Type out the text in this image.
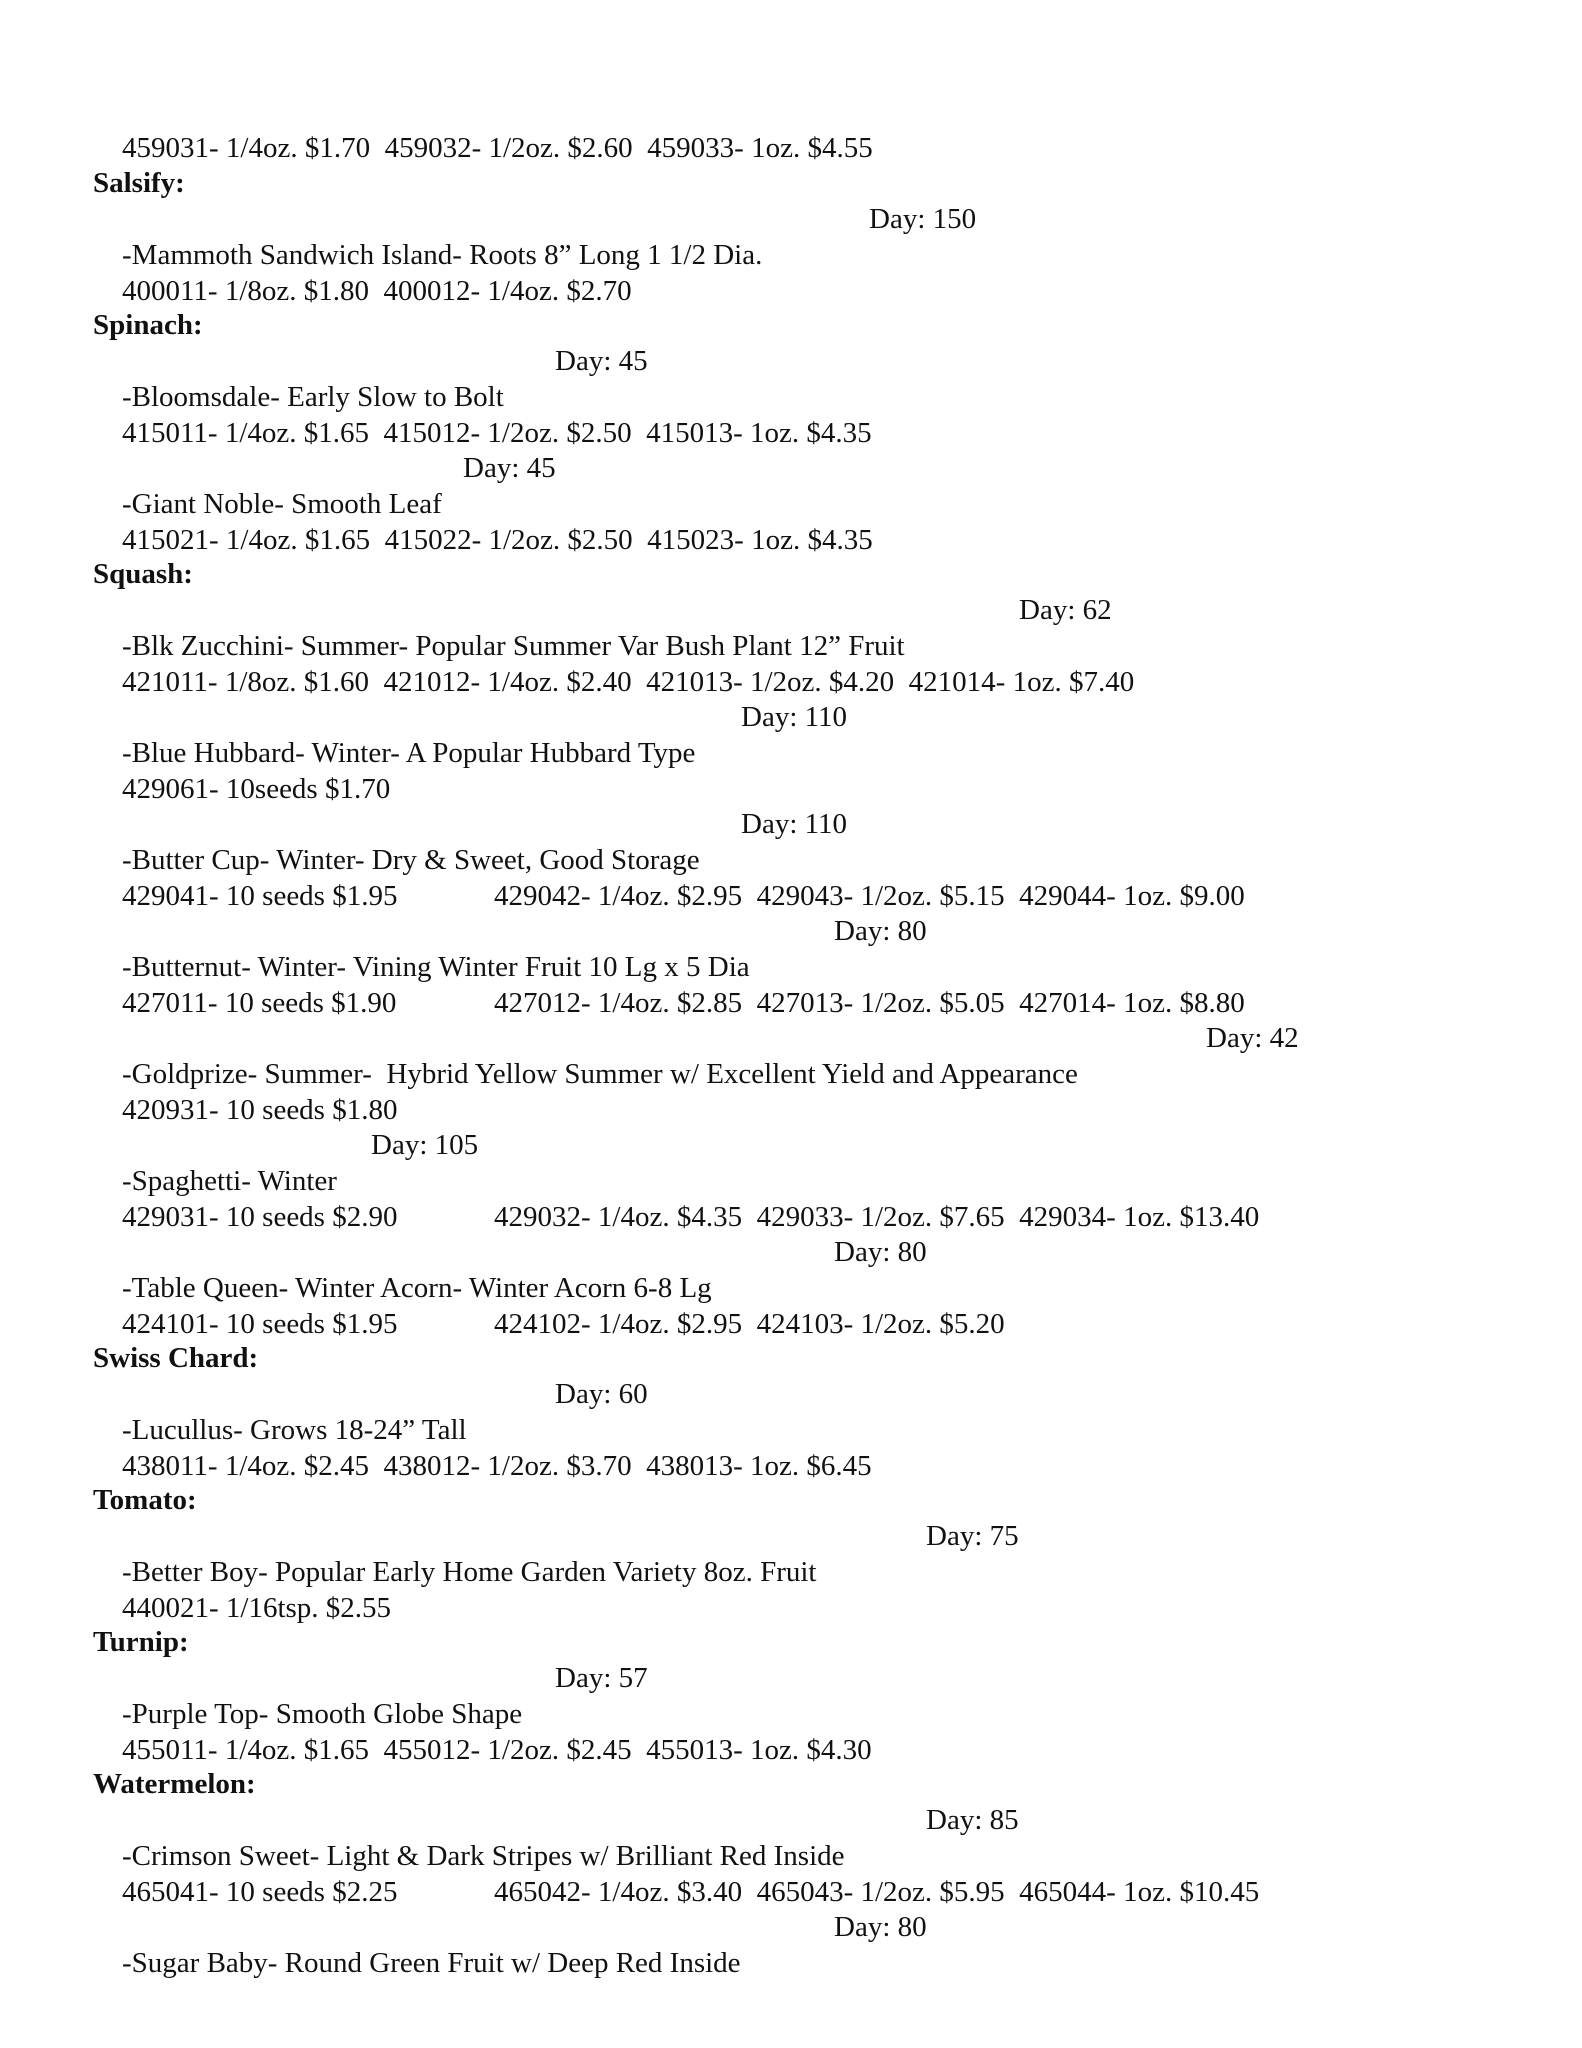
459031- 1/4oz. $1.70  459032- 1/2oz. $2.60  459033- 1oz. $4.55

Salsify:

-Mammoth Sandwich Island- Roots 8” Long 1 1/2 Dia.
Day: 150

400011- 1/8oz. $1.80  400012- 1/4oz. $2.70

Spinach:

-Bloomsdale- Early Slow to Bolt
Day: 45

415011- 1/4oz. $1.65  415012- 1/2oz. $2.50  415013- 1oz. $4.35

-Giant Noble- Smooth Leaf
Day: 45

415021- 1/4oz. $1.65  415022- 1/2oz. $2.50  415023- 1oz. $4.35

Squash:

-Blk Zucchini- Summer- Popular Summer Var Bush Plant 12” Fruit
Day: 62

421011- 1/8oz. $1.60  421012- 1/4oz. $2.40  421013- 1/2oz. $4.20  421014- 1oz. $7.40

-Blue Hubbard- Winter- A Popular Hubbard Type
Day: 110

429061- 10seeds $1.70

-Butter Cup- Winter- Dry & Sweet, Good Storage
Day: 110

429041- 10 seeds $1.95	429042- 1/4oz. $2.95  429043- 1/2oz. $5.15  429044- 1oz. $9.00

-Butternut- Winter- Vining Winter Fruit 10 Lg x 5 Dia
Day: 80

427011- 10 seeds $1.90	427012- 1/4oz. $2.85  427013- 1/2oz. $5.05  427014- 1oz. $8.80

-Goldprize- Summer-  Hybrid Yellow Summer w/ Excellent Yield and Appearance
Day: 42

420931- 10 seeds $1.80

-Spaghetti- Winter
Day: 105

429031- 10 seeds $2.90	429032- 1/4oz. $4.35  429033- 1/2oz. $7.65  429034- 1oz. $13.40

-Table Queen- Winter Acorn- Winter Acorn 6-8 Lg
Day: 80

424101- 10 seeds $1.95	424102- 1/4oz. $2.95  424103- 1/2oz. $5.20

Swiss Chard:

-Lucullus- Grows 18-24” Tall
Day: 60

438011- 1/4oz. $2.45  438012- 1/2oz. $3.70  438013- 1oz. $6.45

Tomato:

-Better Boy- Popular Early Home Garden Variety 8oz. Fruit
Day: 75

440021- 1/16tsp. $2.55

Turnip:

-Purple Top- Smooth Globe Shape
Day: 57

455011- 1/4oz. $1.65  455012- 1/2oz. $2.45  455013- 1oz. $4.30

Watermelon:

-Crimson Sweet- Light & Dark Stripes w/ Brilliant Red Inside
Day: 85

465041- 10 seeds $2.25	465042- 1/4oz. $3.40  465043- 1/2oz. $5.95  465044- 1oz. $10.45

-Sugar Baby- Round Green Fruit w/ Deep Red Inside
Day: 80
